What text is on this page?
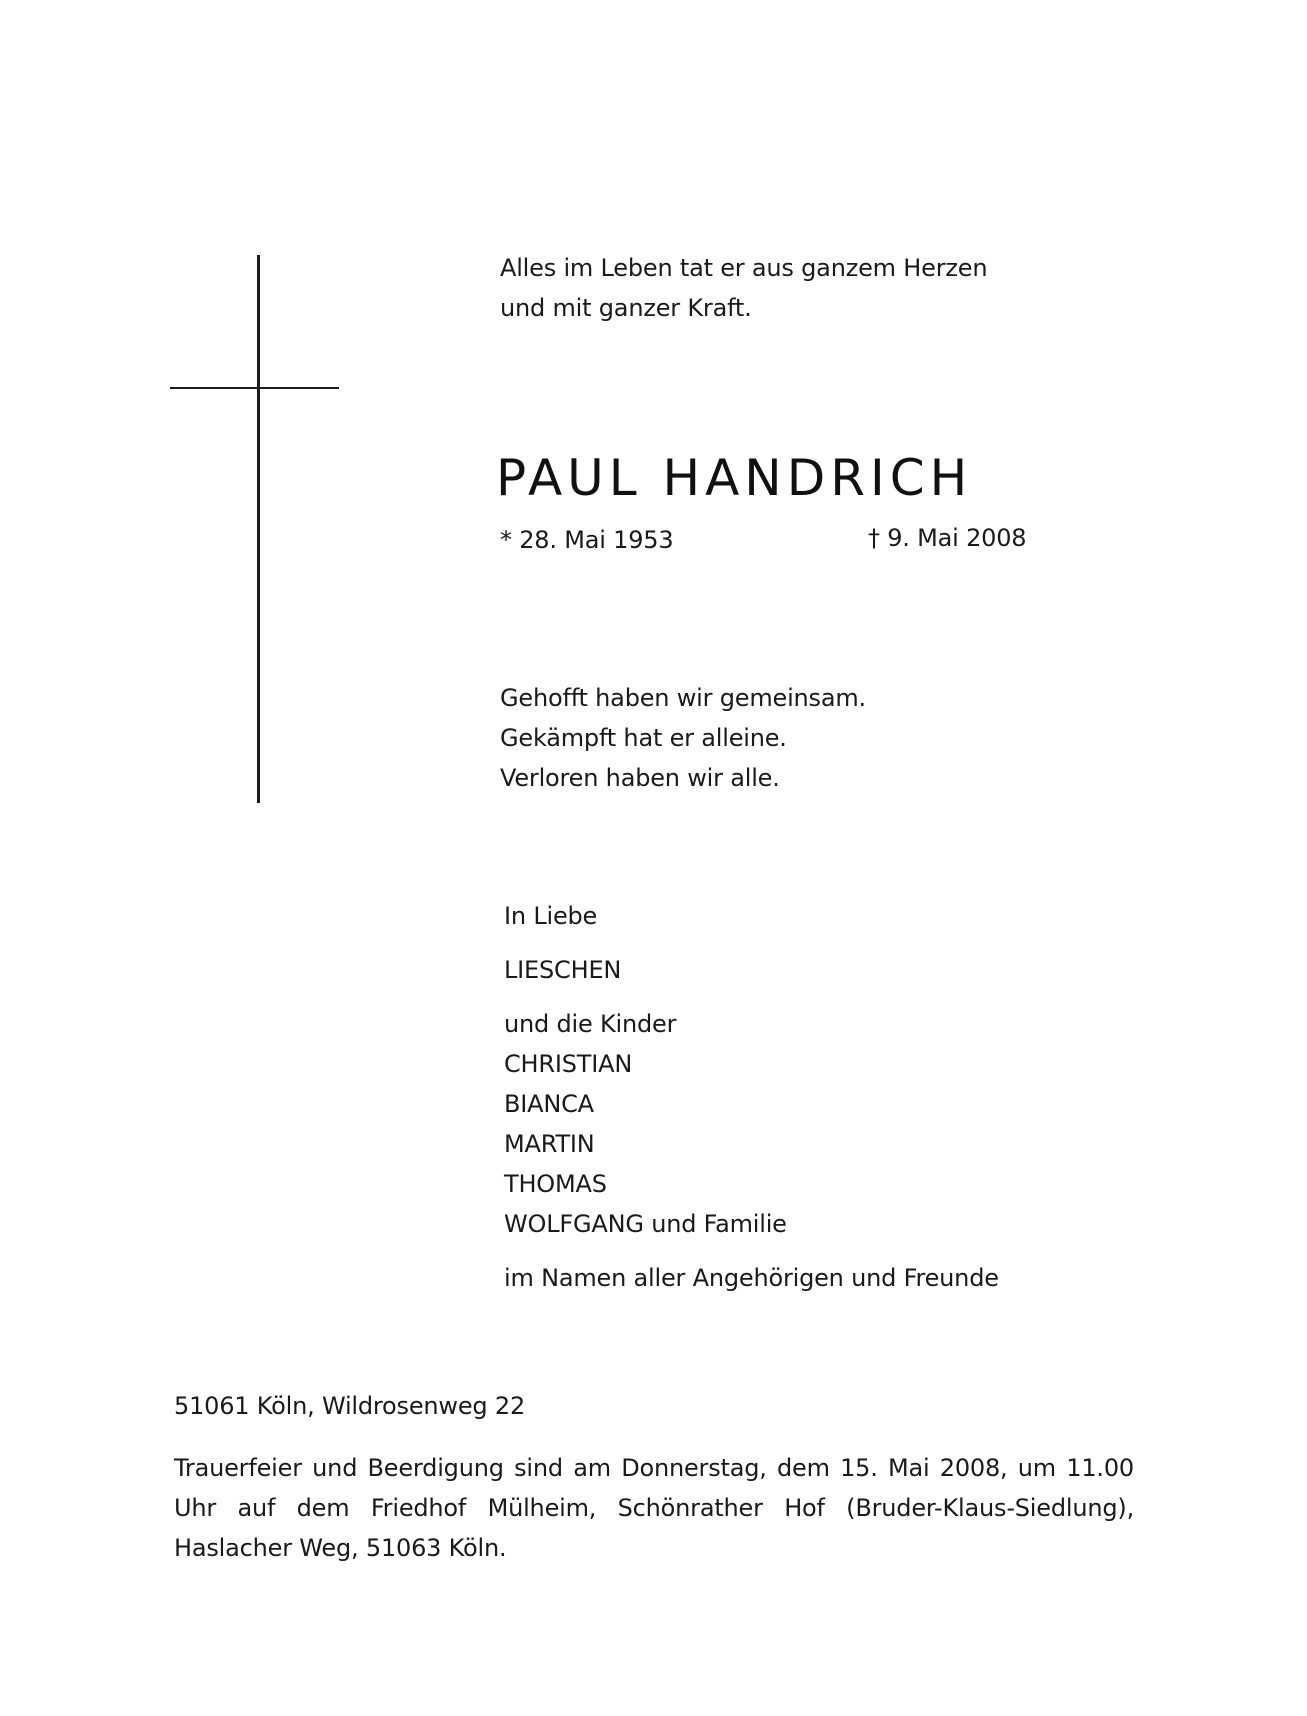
Alles im Leben tat er aus ganzem Herzen
und mit ganzer Kraft.
PAUL HANDRICH
* 28. Mai 1953	† 9. Mai 2008
Gehofft haben wir gemeinsam.
Gekämpft hat er alleine.
Verloren haben wir alle.
In Liebe
LIESCHEN
und die Kinder
CHRISTIAN
BIANCA
MARTIN
THOMAS
WOLFGANG und Familie
im Namen aller Angehörigen und Freunde
51061 Köln, Wildrosenweg 22
Trauerfeier und Beerdigung sind am Donnerstag, dem 15. Mai 2008, um 11.00 Uhr auf dem Friedhof Mülheim, Schönrather Hof (Bruder-Klaus-Siedlung), Haslacher Weg, 51063 Köln.
